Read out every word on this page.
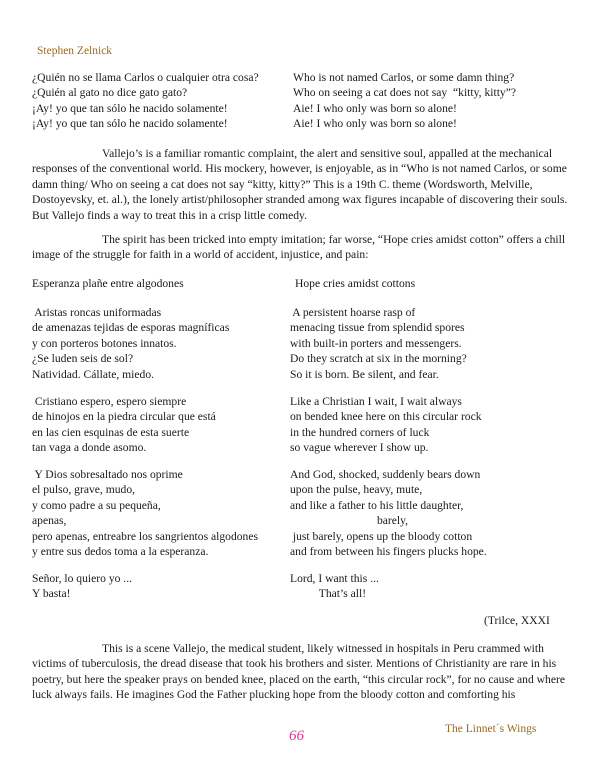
Stephen Zelnick
¿Quién no se llama Carlos o cualquier otra cosa?
¿Quién al gato no dice gato gato?
¡Ay! yo que tan sólo he nacido solamente!
¡Ay! yo que tan sólo he nacido solamente!
Who is not named Carlos, or some damn thing?
Who on seeing a cat does not say  “kitty, kitty”?
Aie! I who only was born so alone!
Aie! I who only was born so alone!
Vallejo’s is a familiar romantic complaint, the alert and sensitive soul, appalled at the mechanical responses of the conventional world. His mockery, however, is enjoyable, as in “Who is not named Carlos, or some damn thing/ Who on seeing a cat does not say “kitty, kitty?” This is a 19th C. theme (Wordsworth, Melville, Dostoyevsky, et. al.), the lonely artist/philosopher stranded among wax figures incapable of discovering their souls. But Vallejo finds a way to treat this in a crisp little comedy.
The spirit has been tricked into empty imitation; far worse, “Hope cries amidst cotton” offers a chill image of the struggle for faith in a world of accident, injustice, and pain:
Esperanza plañe entre algodones	Hope cries amidst cottons
Aristas roncas uniformadas
de amenazas tejidas de esporas magníficas
y con porteros botones innatos.
¿Se luden seis de sol?
Natividad. Cállate, miedo.
A persistent hoarse rasp of
menacing tissue from splendid spores
with built-in porters and messengers.
Do they scratch at six in the morning?
So it is born. Be silent, and fear.
Cristiano espero, espero siempre
de hinojos en la piedra circular que está
en las cien esquinas de esta suerte
tan vaga a donde asomo.
Like a Christian I wait, I wait always
on bended knee here on this circular rock
in the hundred corners of luck
so vague wherever I show up.
Y Dios sobresaltado nos oprime
el pulso, grave, mudo,
y como padre a su pequeña,
apenas,
pero apenas, entreabre los sangrientos algodones
y entre sus dedos toma a la esperanza.
And God, shocked, suddenly bears down
upon the pulse, heavy, mute,
and like a father to his little daughter,
barely,
just barely, opens up the bloody cotton
and from between his fingers plucks hope.
Señor, lo quiero yo ...
Y basta!
Lord, I want this ...
That’s all!
(Trilce, XXXI
This is a scene Vallejo, the medical student, likely witnessed in hospitals in Peru crammed with victims of tuberculosis, the dread disease that took his brothers and sister. Mentions of Christianity are rare in his poetry, but here the speaker prays on bended knee, placed on the earth, “this circular rock”, for no cause and where luck always fails. He imagines God the Father plucking hope from the bloody cotton and comforting his
66	The Linnet´s Wings
